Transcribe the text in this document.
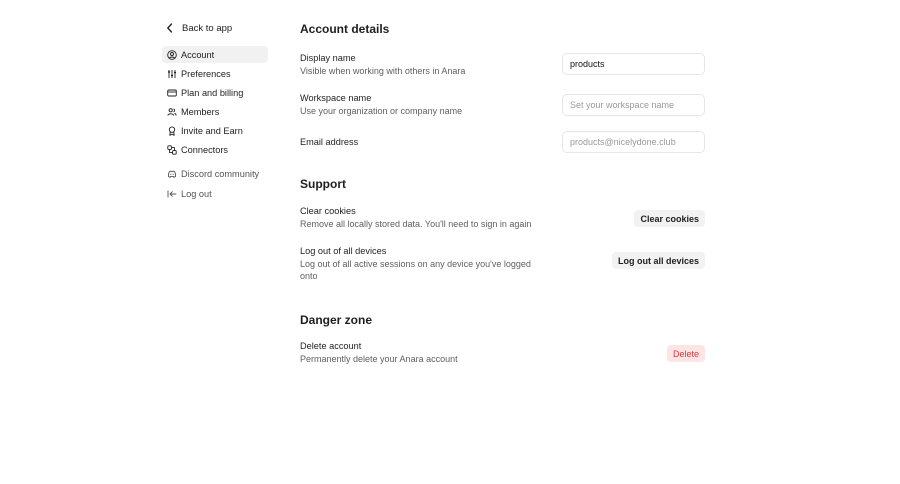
Back to app
Account
Preferences
Plan and billing
Members
Invite and Earn
Connectors
Discord community
Log out
Account details
Display name
Visible when working with others in Anara
products
Workspace name
Use your organization or company name
Set your workspace name
Email address	products@nicelydone.club
Support
Clear cookies
Remove all locally stored data. You'll need to sign in again
Clear cookies
Log out of all devices
Log out of all active sessions on any device you've logged
onto
Log out all devices
Danger zone
Delete account
Permanently delete your Anara account
Delete
